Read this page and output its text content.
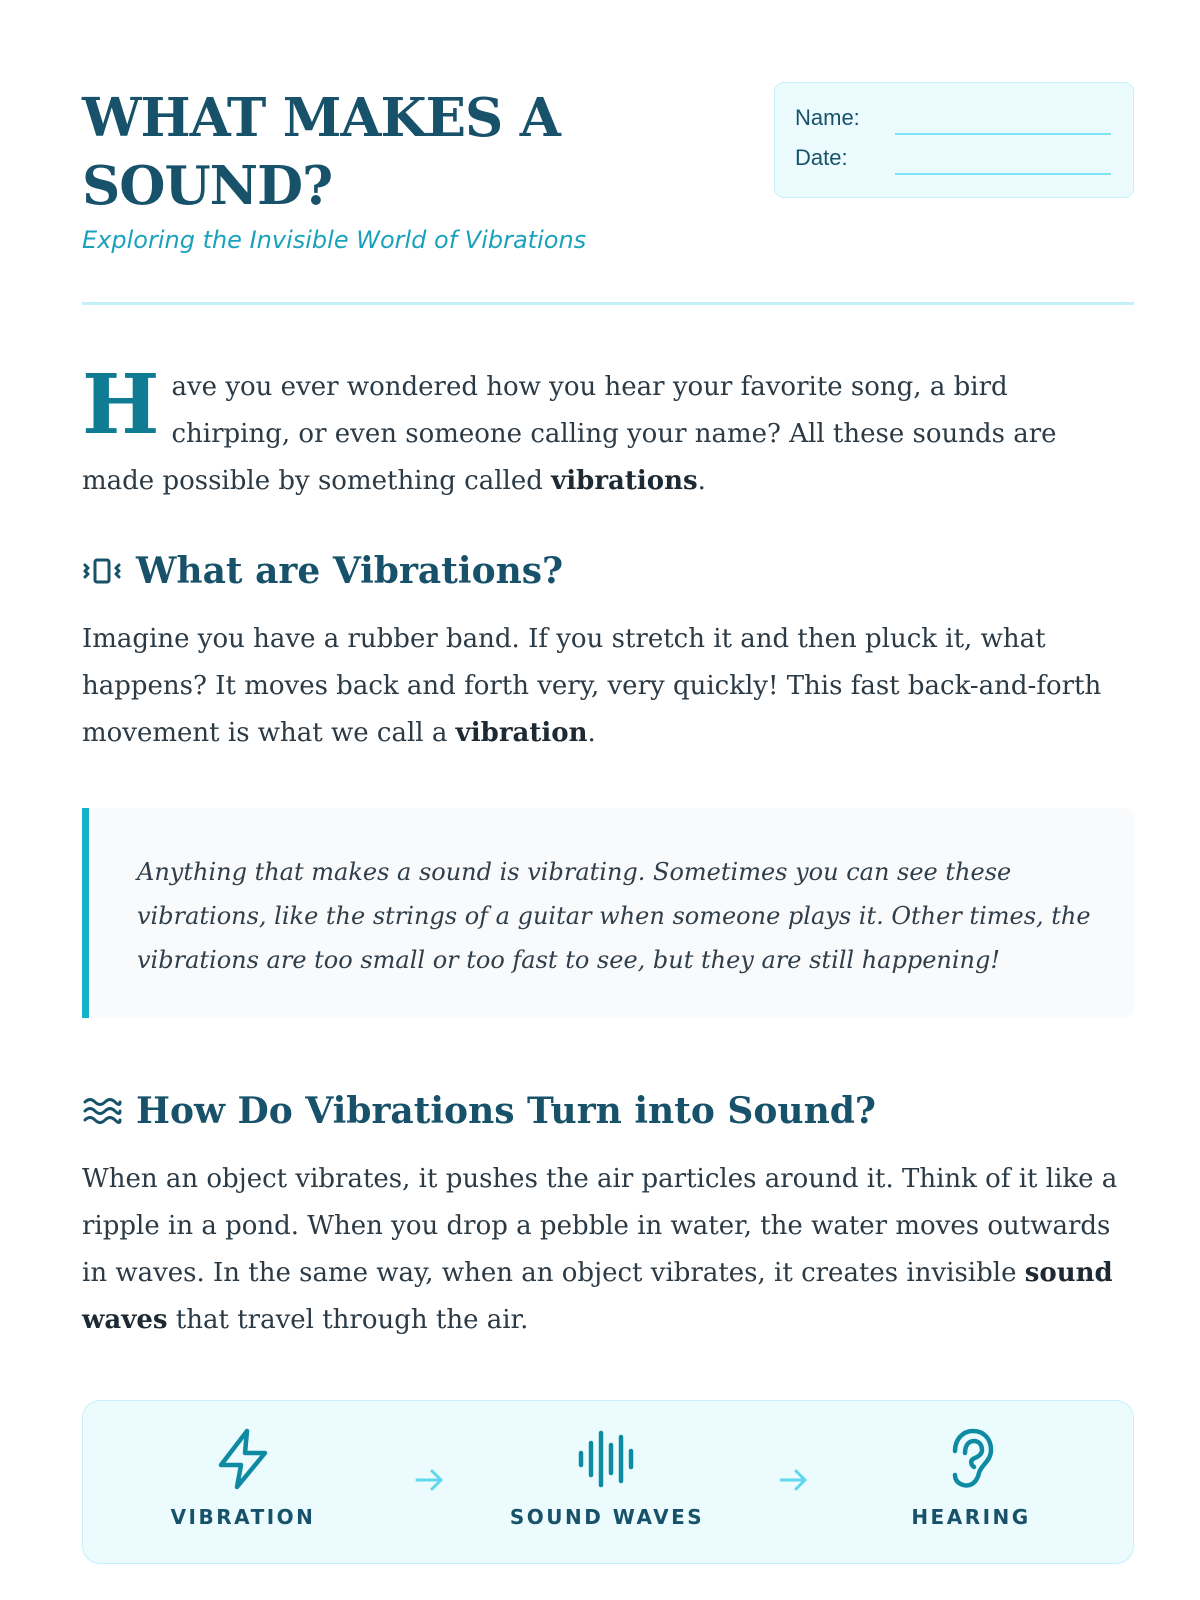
WHAT MAKES A SOUND?
Exploring the Invisible World of Vibrations
Name:
Date:

Have you ever wondered how you hear your favorite song, a bird chirping, or even someone calling your name? All these sounds are made possible by something called vibrations.

What are Vibrations?

Imagine you have a rubber band. If you stretch it and then pluck it, what happens? It moves back and forth very, very quickly! This fast back-and-forth movement is what we call a vibration.

Anything that makes a sound is vibrating. Sometimes you can see these vibrations, like the strings of a guitar when someone plays it. Other times, the vibrations are too small or too fast to see, but they are still happening!

How Do Vibrations Turn into Sound?

When an object vibrates, it pushes the air particles around it. Think of it like a ripple in a pond. When you drop a pebble in water, the water moves outwards in waves. In the same way, when an object vibrates, it creates invisible sound waves that travel through the air.

VIBRATION	SOUND WAVES	HEARING
